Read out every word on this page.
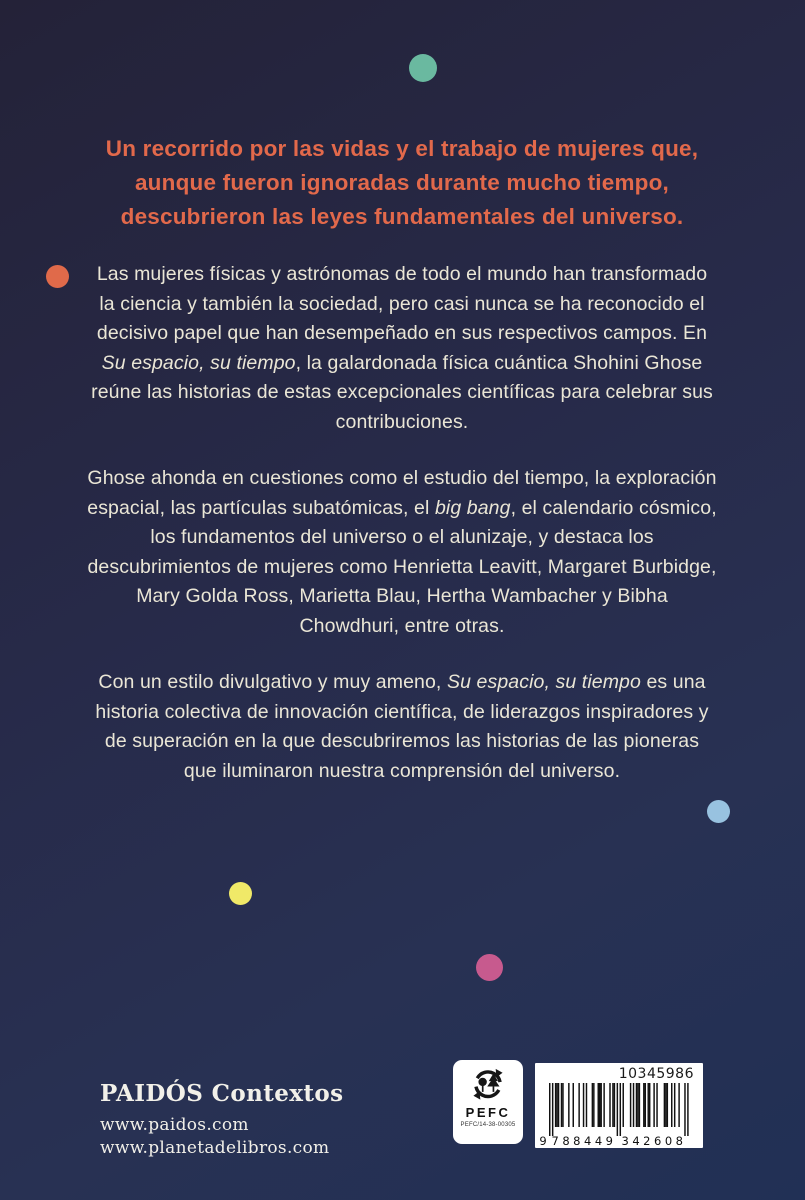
Un recorrido por las vidas y el trabajo de mujeres que,
aunque fueron ignoradas durante mucho tiempo,
descubrieron las leyes fundamentales del universo.

Las mujeres físicas y astrónomas de todo el mundo han transformado la ciencia y también la sociedad, pero casi nunca se ha reconocido el decisivo papel que han desempeñado en sus respectivos campos. En Su espacio, su tiempo, la galardonada física cuántica Shohini Ghose reúne las historias de estas excepcionales científicas para celebrar sus contribuciones.

Ghose ahonda en cuestiones como el estudio del tiempo, la exploración espacial, las partículas subatómicas, el big bang, el calendario cósmico, los fundamentos del universo o el alunizaje, y destaca los descubrimientos de mujeres como Henrietta Leavitt, Margaret Burbidge, Mary Golda Ross, Marietta Blau, Hertha Wambacher y Bibha Chowdhuri, entre otras.

Con un estilo divulgativo y muy ameno, Su espacio, su tiempo es una historia colectiva de innovación científica, de liderazgos inspiradores y de superación en la que descubriremos las historias de las pioneras que iluminaron nuestra comprensión del universo.

PAIDÓS Contextos
www.paidos.com
www.planetadelibros.com
PEFC
PEFC/14-38-00305
10345986
9 788449 342608
